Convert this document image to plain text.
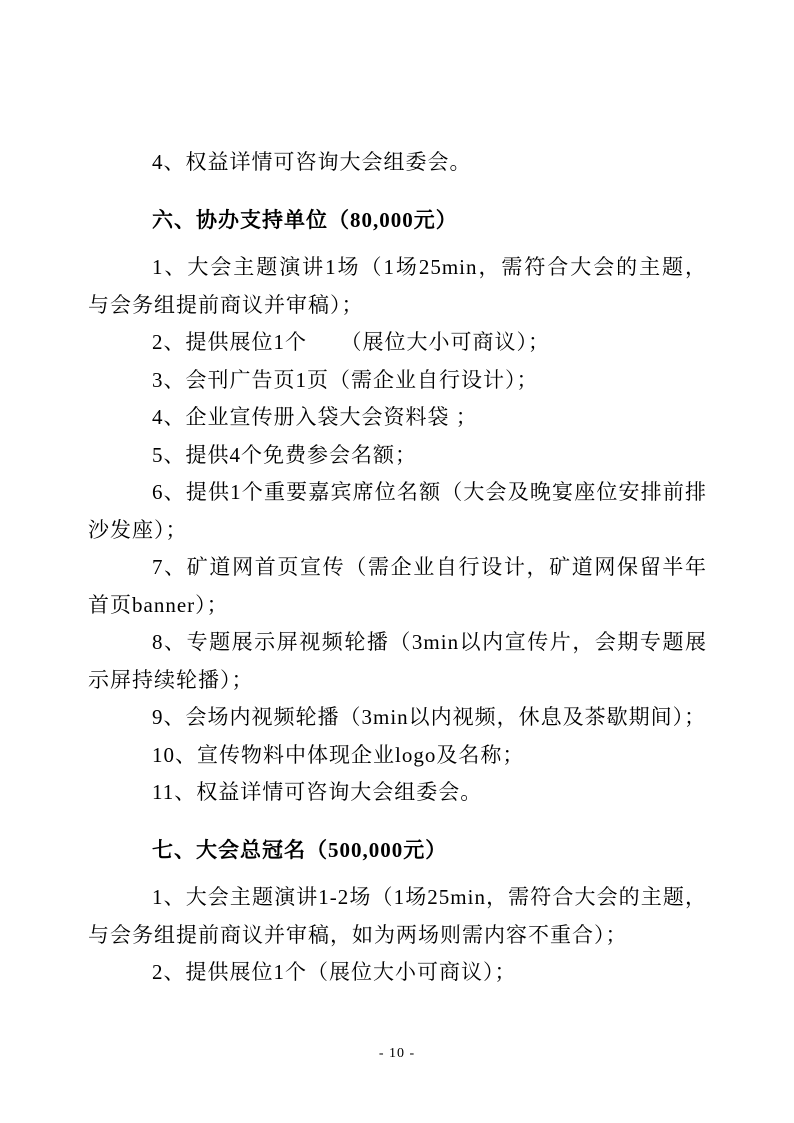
4、权益详情可咨询大会组委会。

六、协办支持单位（80,000元）

1、大会主题演讲1场（1场25min，需符合大会的主题，与会务组提前商议并审稿）；

2、提供展位1个　　（展位大小可商议）；

3、会刊广告页1页（需企业自行设计）；

4、企业宣传册入袋大会资料袋 ；

5、提供4个免费参会名额；

6、提供1个重要嘉宾席位名额（大会及晚宴座位安排前排沙发座）；

7、矿道网首页宣传（需企业自行设计，矿道网保留半年首页banner）；

8、专题展示屏视频轮播（3min以内宣传片，会期专题展示屏持续轮播）；

9、会场内视频轮播（3min以内视频，休息及茶歇期间）；

10、宣传物料中体现企业logo及名称；

11、权益详情可咨询大会组委会。

七、大会总冠名（500,000元）

1、大会主题演讲1-2场（1场25min，需符合大会的主题，与会务组提前商议并审稿，如为两场则需内容不重合）；

2、提供展位1个（展位大小可商议）；

- 10 -
